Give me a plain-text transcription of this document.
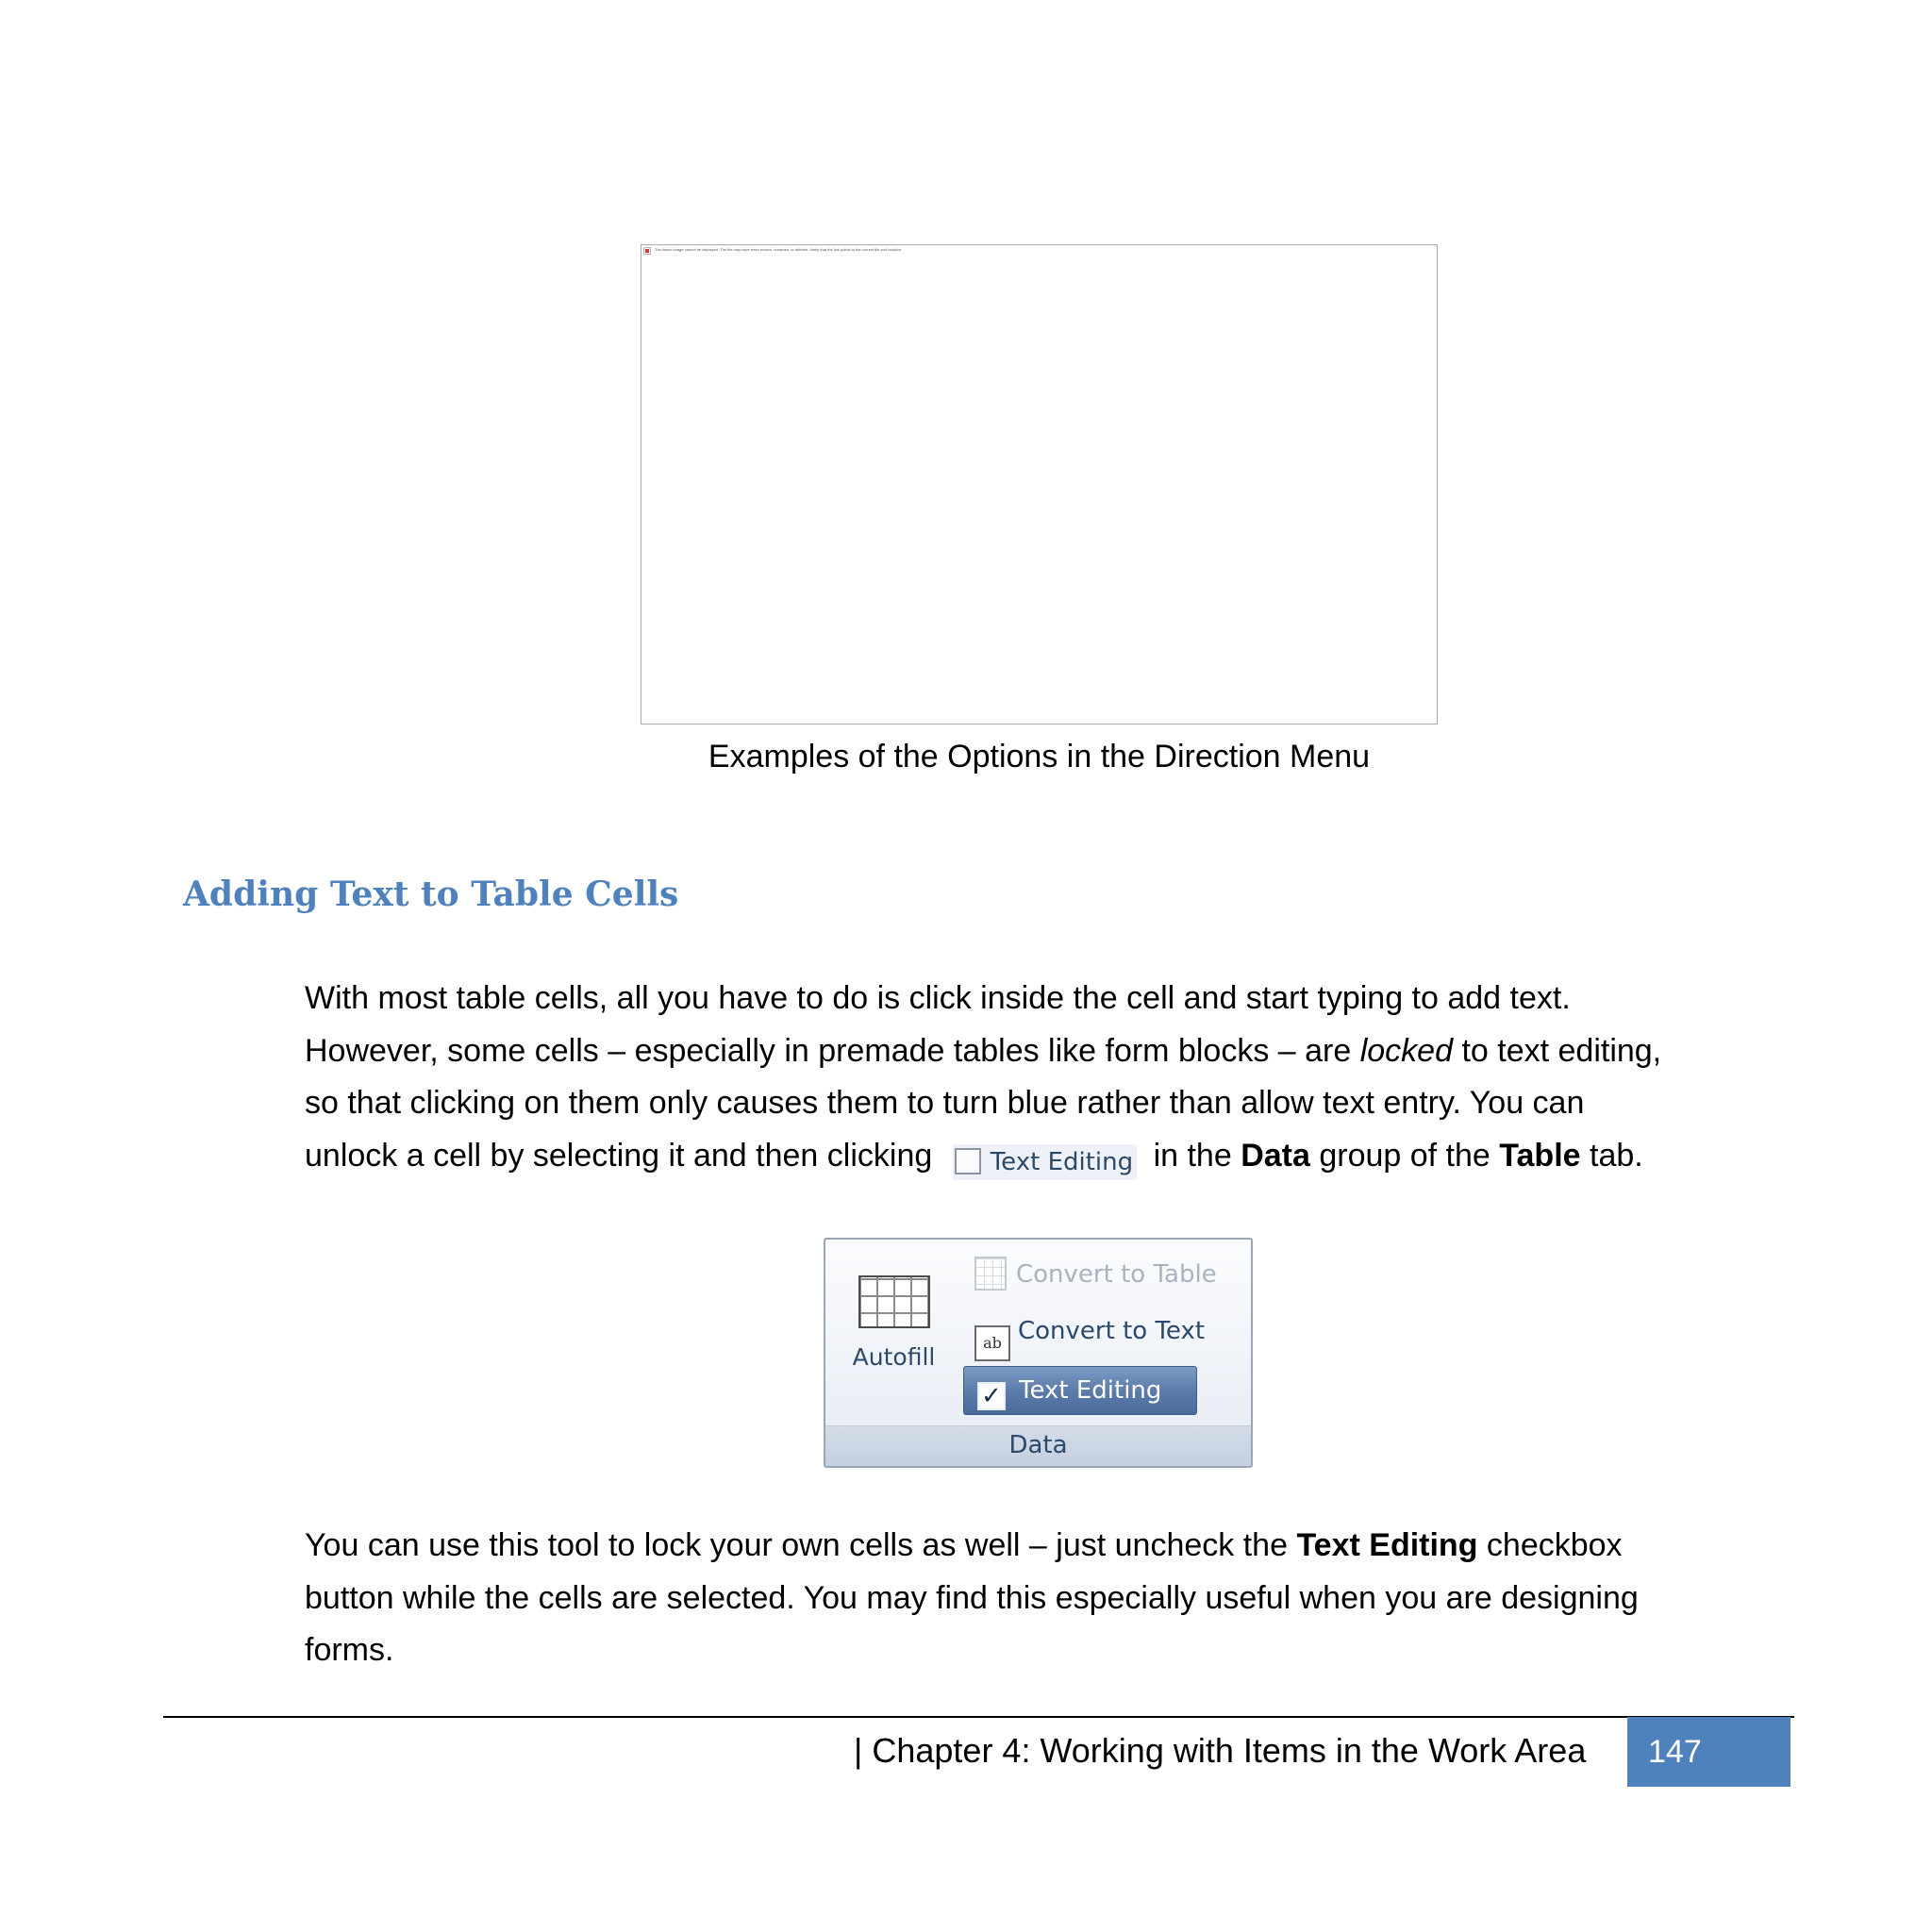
The linked image cannot be displayed. The file may have been moved, renamed, or deleted. Verify that the link points to the correct file and location.
Examples of the Options in the Direction Menu
Adding Text to Table Cells
With most table cells, all you have to do is click inside the cell and start typing to add text.
However, some cells – especially in premade tables like form blocks – are locked to text editing,
so that clicking on them only causes them to turn blue rather than allow text entry. You can
unlock a cell by selecting it and then clicking Text Editing in the Data group of the Table tab.
Autofill
Convert to Table
ab Convert to Text
✓ Text Editing
Data
You can use this tool to lock your own cells as well – just uncheck the Text Editing checkbox
button while the cells are selected. You may find this especially useful when you are designing
forms.
| Chapter 4: Working with Items in the Work Area	147
